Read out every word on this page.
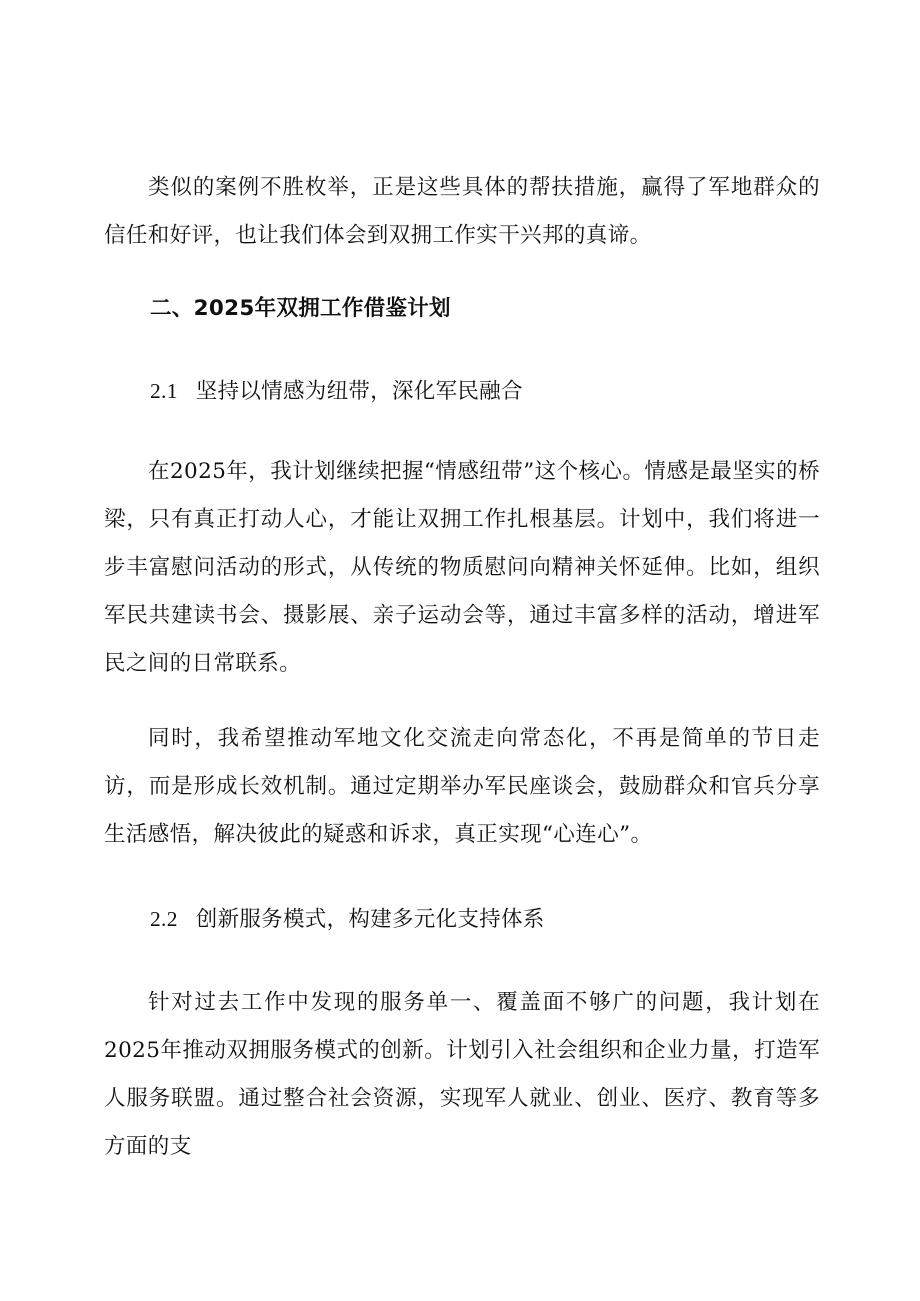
类似的案例不胜枚举，正是这些具体的帮扶措施，赢得了军地群众的信任和好评，也让我们体会到双拥工作实干兴邦的真谛。

二、2025年双拥工作借鉴计划
2.1 坚持以情感为纽带，深化军民融合

在2025年，我计划继续把握“情感纽带”这个核心。情感是最坚实的桥梁，只有真正打动人心，才能让双拥工作扎根基层。计划中，我们将进一步丰富慰问活动的形式，从传统的物质慰问向精神关怀延伸。比如，组织军民共建读书会、摄影展、亲子运动会等，通过丰富多样的活动，增进军民之间的日常联系。

同时，我希望推动军地文化交流走向常态化，不再是简单的节日走访，而是形成长效机制。通过定期举办军民座谈会，鼓励群众和官兵分享生活感悟，解决彼此的疑惑和诉求，真正实现“心连心”。

2.2 创新服务模式，构建多元化支持体系

针对过去工作中发现的服务单一、覆盖面不够广的问题，我计划在2025年推动双拥服务模式的创新。计划引入社会组织和企业力量，打造军人服务联盟。通过整合社会资源，实现军人就业、创业、医疗、教育等多方面的支
